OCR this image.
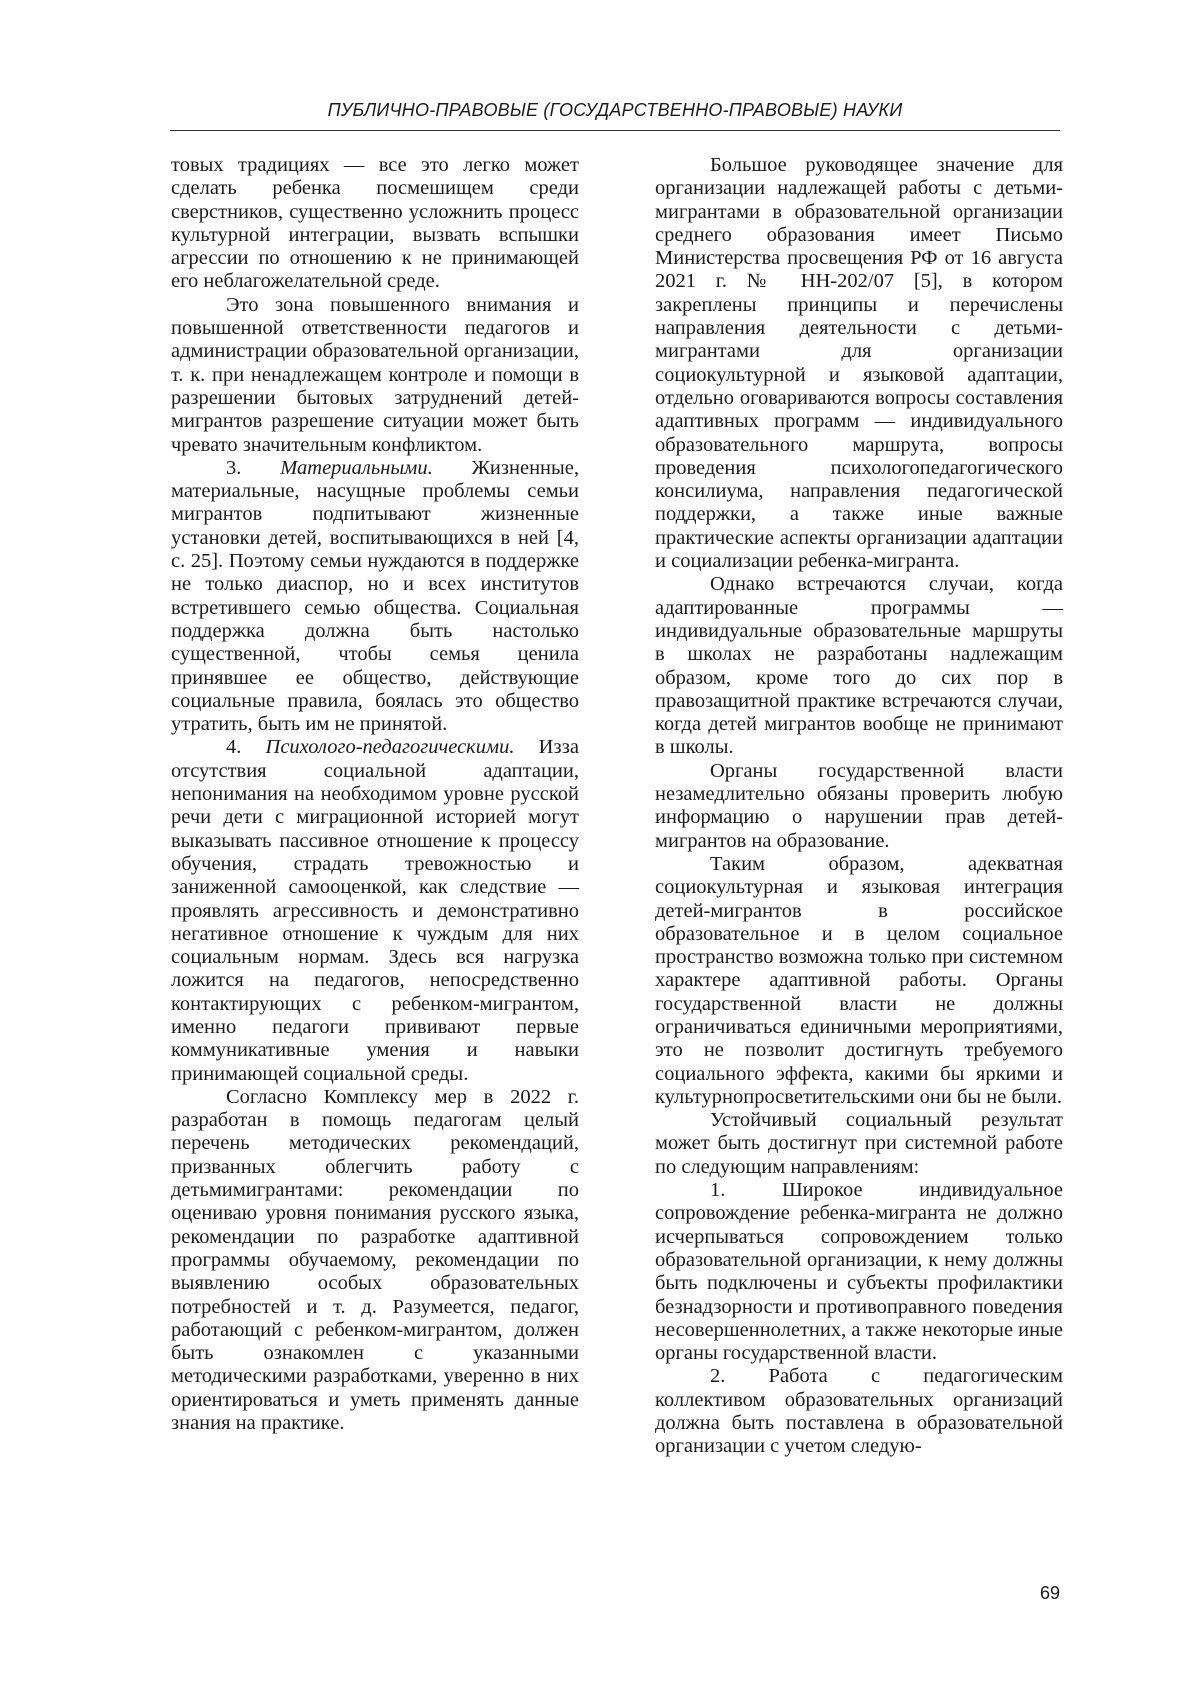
ПУБЛИЧНО-ПРАВОВЫЕ (ГОСУДАРСТВЕННО-ПРАВОВЫЕ) НАУКИ

товых традициях — все это легко может сделать ребенка посмешищем среди сверстников, существенно усложнить процесс культурной интеграции, вызвать вспышки агрессии по отношению к не принимающей его неблагожелательной среде.

Это зона повышенного внимания и повышенной ответственности педагогов и администрации образовательной организации, т. к. при ненадлежащем контроле и помощи в разрешении бытовых затруднений детей-мигрантов разрешение ситуации может быть чревато значительным конфликтом.

3. Материальными. Жизненные, материальные, насущные проблемы семьи мигрантов подпитывают жизненные установки детей, воспитывающихся в ней [4, с. 25]. Поэтому семьи нуждаются в поддержке не только диаспор, но и всех институтов встретившего семью общества. Социальная поддержка должна быть настолько существенной, чтобы семья ценила принявшее ее общество, действующие социальные правила, боялась это общество утратить, быть им не принятой.

4. Психолого-педагогическими. Изза отсутствия социальной адаптации, непонимания на необходимом уровне русской речи дети с миграционной историей могут выказывать пассивное отношение к процессу обучения, страдать тревожностью и заниженной самооценкой, как следствие — проявлять агрессивность и демонстративно негативное отношение к чуждым для них социальным нормам. Здесь вся нагрузка ложится на педагогов, непосредственно контактирующих с ребенком-мигрантом, именно педагоги прививают первые коммуникативные умения и навыки принимающей социальной среды.

Согласно Комплексу мер в 2022 г. разработан в помощь педагогам целый перечень методических рекомендаций, призванных облегчить работу с детьмимигрантами: рекомендации по оцениваю уровня понимания русского языка, рекомендации по разработке адаптивной программы обучаемому, рекомендации по выявлению особых образовательных потребностей и т. д. Разумеется, педагог, работающий с ребенком-мигрантом, должен быть ознакомлен с указанными методическими разработками, уверенно в них ориентироваться и уметь применять данные знания на практике.

Большое руководящее значение для организации надлежащей работы с детьми-мигрантами в образовательной организации среднего образования имеет Письмо Министерства просвещения РФ от 16 августа 2021 г. № НН-202/07 [5], в котором закреплены принципы и перечислены направления деятельности с детьми-мигрантами для организации социокультурной и языковой адаптации, отдельно оговариваются вопросы составления адаптивных программ — индивидуального образовательного маршрута, вопросы проведения психологопедагогического консилиума, направления педагогической поддержки, а также иные важные практические аспекты организации адаптации и социализации ребенка-мигранта.

Однако встречаются случаи, когда адаптированные программы — индивидуальные образовательные маршруты в школах не разработаны надлежащим образом, кроме того до сих пор в правозащитной практике встречаются случаи, когда детей мигрантов вообще не принимают в школы.

Органы государственной власти незамедлительно обязаны проверить любую информацию о нарушении прав детей-мигрантов на образование.

Таким образом, адекватная социокультурная и языковая интеграция детей-мигрантов в российское образовательное и в целом социальное пространство возможна только при системном характере адаптивной работы. Органы государственной власти не должны ограничиваться единичными мероприятиями, это не позволит достигнуть требуемого социального эффекта, какими бы яркими и культурнопросветительскими они бы не были.

Устойчивый социальный результат может быть достигнут при системной работе по следующим направлениям:

1. Широкое индивидуальное сопровождение ребенка-мигранта не должно исчерпываться сопровождением только образовательной организации, к нему должны быть подключены и субъекты профилактики безнадзорности и противоправного поведения несовершеннолетних, а также некоторые иные органы государственной власти.

2. Работа с педагогическим коллективом образовательных организаций должна быть поставлена в образовательной организации с учетом следую-

69
